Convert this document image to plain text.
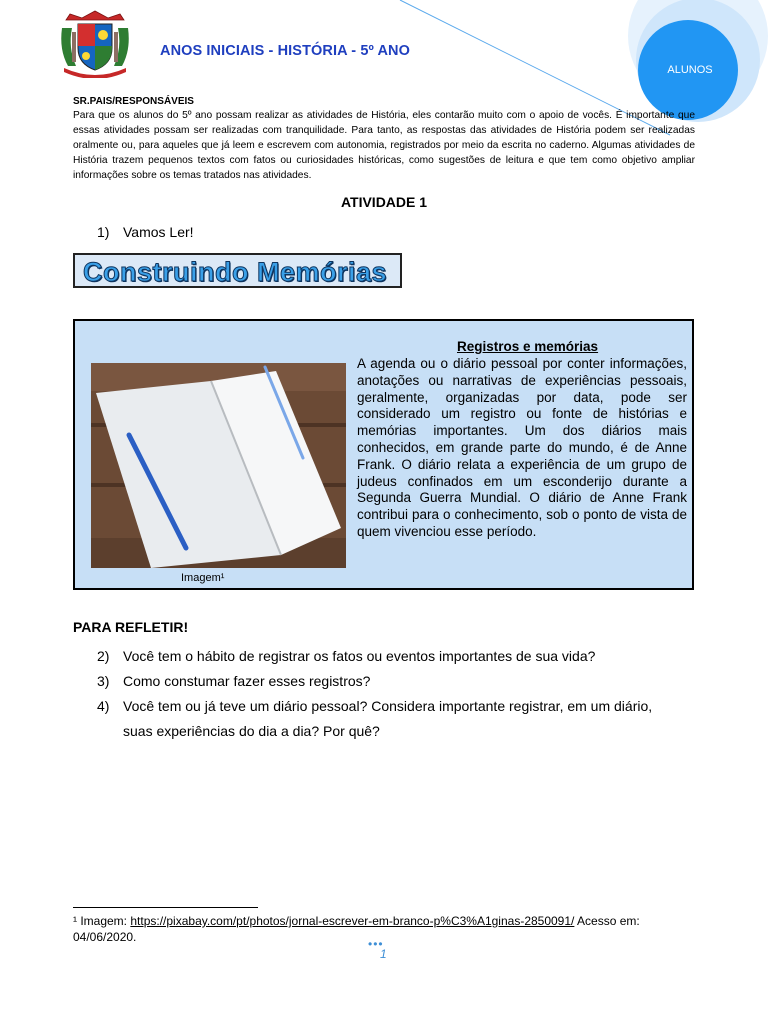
ANOS INICIAIS - HISTÓRIA - 5º ANO
ALUNOS
SR.PAIS/RESPONSÁVEIS
Para que os alunos do 5º ano possam realizar as atividades de História, eles contarão muito com o apoio de vocês. É importante que essas atividades possam ser realizadas com tranquilidade. Para tanto, as respostas das atividades de História podem ser realizadas oralmente ou, para aqueles que já leem e escrevem com autonomia, registrados por meio da escrita no caderno. Algumas atividades de História trazem pequenos textos com fatos ou curiosidades históricas, como sugestões de leitura e que tem como objetivo ampliar informações sobre os temas tratados nas atividades.
ATIVIDADE 1
1) Vamos Ler!
Construindo Memórias
Imagem¹
Registros e memórias
A agenda ou o diário pessoal por conter informações, anotações ou narrativas de experiências pessoais, geralmente, organizadas por data, pode ser considerado um registro ou fonte de histórias e memórias importantes. Um dos diários mais conhecidos, em grande parte do mundo, é de Anne Frank. O diário relata a experiência de um grupo de judeus confinados em um esconderijo durante a Segunda Guerra Mundial. O diário de Anne Frank contribui para o conhecimento, sob o ponto de vista de quem vivenciou esse período.
PARA REFLETIR!
2) Você tem o hábito de registrar os fatos ou eventos importantes de sua vida?
3) Como constumar fazer esses registros?
4) Você tem ou já teve um diário pessoal? Considera importante registrar, em um diário,
suas experiências do dia a dia? Por quê?
¹ Imagem: https://pixabay.com/pt/photos/jornal-escrever-em-branco-p%C3%A1ginas-2850091/ Acesso em: 04/06/2020.	•••
1
